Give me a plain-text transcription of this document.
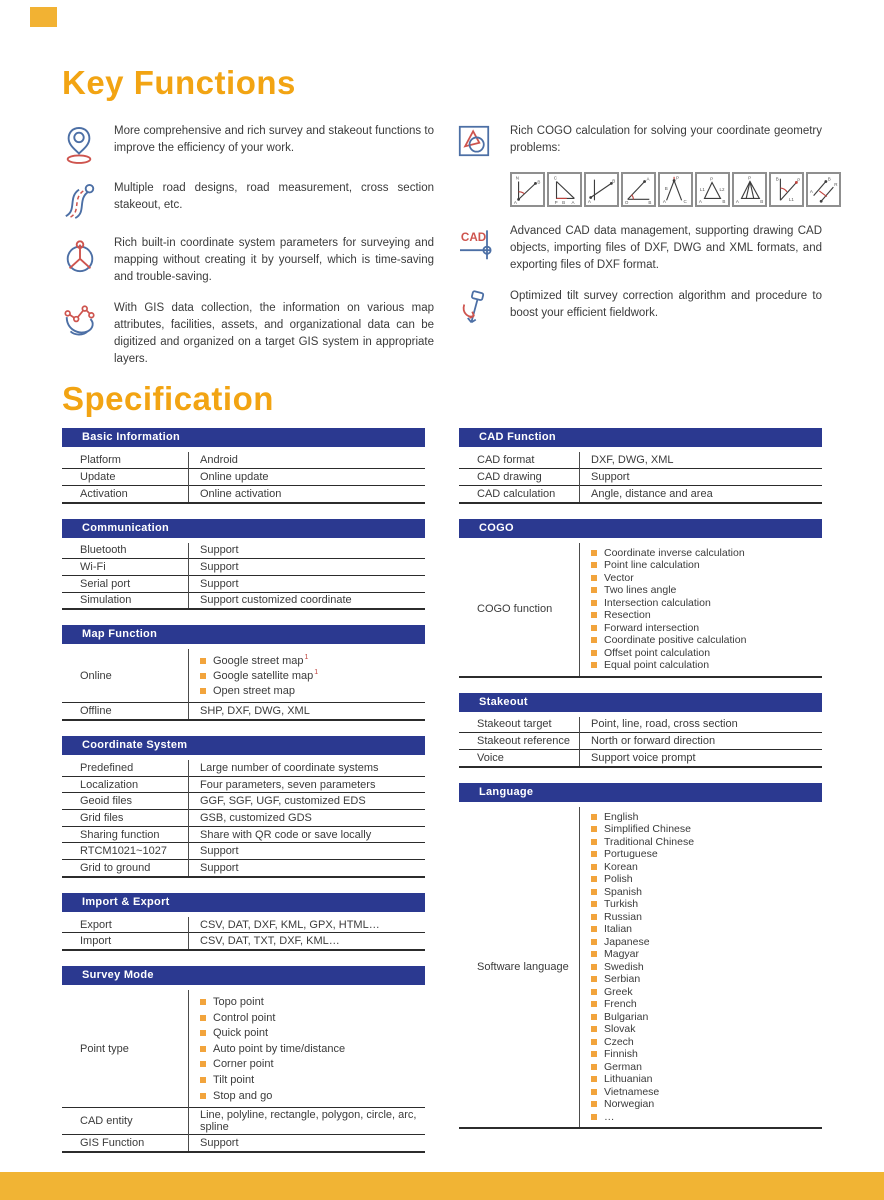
Key Functions
More comprehensive and rich survey and stakeout functions to improve the efficiency of your work.
Multiple road designs, road measurement, cross section stakeout, etc.
Rich built-in coordinate system parameters for surveying and mapping without creating it by yourself, which is time-saving and trouble-saving.
With GIS data collection, the information on various map attributes, facilities, assets, and organizational data can be digitized and organized on a target GIS system in appropriate layers.
Rich COGO calculation for solving your coordinate geometry problems:
N
B
A
C
P B A
B
A
A
O	B A
P
C
B
P
L1	L2
A	B
P
A	B
B	P
L1
B
A
R
CAD
Advanced CAD data management, supporting drawing CAD objects, importing files of DXF, DWG and XML formats, and exporting files of DXF format.
Optimized tilt survey correction algorithm and procedure to boost your efficient fieldwork.
Specification
Basic Information
Platform	Android
Update	Online update
Activation	Online activation
Communication
Bluetooth	Support
Wi-Fi	Support
Serial port	Support
Simulation	Support customized coordinate
Map Function
Online
Google street map$^1$
Google satellite map$^1$
Open street map
Offline	SHP, DXF, DWG, XML
Coordinate System
Predefined	Large number of coordinate systems
Localization	Four parameters, seven parameters
Geoid files	GGF, SGF, UGF, customized EDS
Grid files	GSB, customized GDS
Sharing function	Share with QR code or save locally
RTCM1021~1027	Support
Grid to ground	Support
Import & Export
Export	CSV, DAT, DXF, KML, GPX, HTML…
Import	CSV, DAT, TXT, DXF, KML…
Survey Mode
Point type
Topo point
Control point
Quick point
Auto point by time/distance
Corner point
Tilt point
Stop and go
CAD entity	Line, polyline, rectangle, polygon, circle, arc, spline
GIS Function	Support
CAD Function
CAD format	DXF, DWG, XML
CAD drawing	Support
CAD calculation	Angle, distance and area
COGO
COGO function
Coordinate inverse calculation
Point line calculation
Vector
Two lines angle
Intersection calculation
Resection
Forward intersection
Coordinate positive calculation
Offset point calculation
Equal point calculation
Stakeout
Stakeout target	Point, line, road, cross section
Stakeout reference	North or forward direction
Voice	Support voice prompt
Language
Software language
English
Simplified Chinese
Traditional Chinese
Portuguese
Korean
Polish
Spanish
Turkish
Russian
Italian
Japanese
Magyar
Swedish
Serbian
Greek
French
Bulgarian
Slovak
Czech
Finnish
German
Lithuanian
Vietnamese
Norwegian
…
